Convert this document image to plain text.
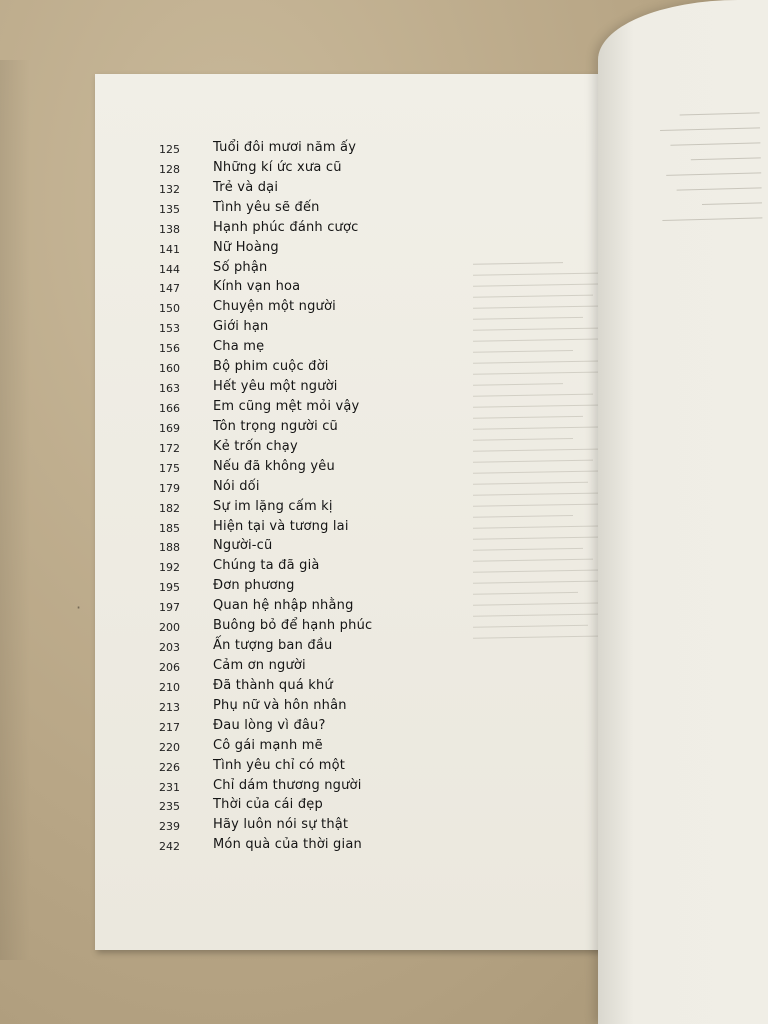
·
125	Tuổi đôi mươi năm ấy
128	Những kí ức xưa cũ
132	Trẻ và dại
135	Tình yêu sẽ đến
138	Hạnh phúc đánh cược
141	Nữ Hoàng
144	Số phận
147	Kính vạn hoa
150	Chuyện một người
153	Giới hạn
156	Cha mẹ
160	Bộ phim cuộc đời
163	Hết yêu một người
166	Em cũng mệt mỏi vậy
169	Tôn trọng người cũ
172	Kẻ trốn chạy
175	Nếu đã không yêu
179	Nói dối
182	Sự im lặng cấm kị
185	Hiện tại và tương lai
188	Người-cũ
192	Chúng ta đã già
195	Đơn phương
197	Quan hệ nhập nhằng
200	Buông bỏ để hạnh phúc
203	Ấn tượng ban đầu
206	Cảm ơn người
210	Đã thành quá khứ
213	Phụ nữ và hôn nhân
217	Đau lòng vì đâu?
220	Cô gái mạnh mẽ
226	Tình yêu chỉ có một
231	Chỉ dám thương người
235	Thời của cái đẹp
239	Hãy luôn nói sự thật
242	Món quà của thời gian
